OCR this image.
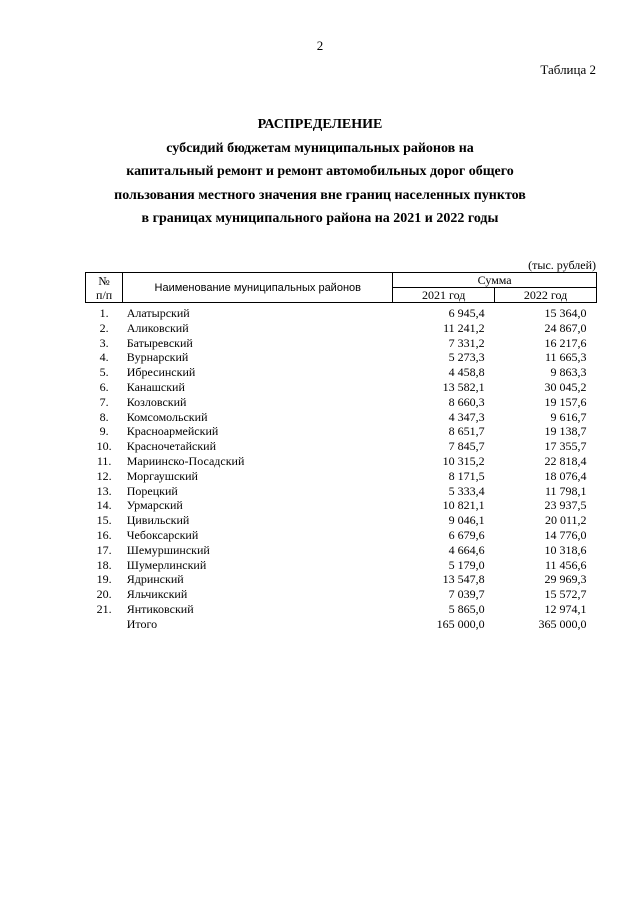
2
Таблица 2
РАСПРЕДЕЛЕНИЕ
субсидий бюджетам муниципальных районов на
капитальный ремонт и ремонт автомобильных дорог общего
пользования местного значения вне границ населенных пунктов
в границах муниципального района на 2021 и 2022 годы
(тыс. рублей)
№
п/п	Наименование муниципальных районов	Сумма	
		2021 год	2022 год
1.	Алатырский	6 945,4	15 364,0
2.	Аликовский	11 241,2	24 867,0
3.	Батыревский	7 331,2	16 217,6
4.	Вурнарский	5 273,3	11 665,3
5.	Ибресинский	4 458,8	9 863,3
6.	Канашский	13 582,1	30 045,2
7.	Козловский	8 660,3	19 157,6
8.	Комсомольский	4 347,3	9 616,7
9.	Красноармейский	8 651,7	19 138,7
10.	Красночетайский	7 845,7	17 355,7
11.	Мариинско-Посадский	10 315,2	22 818,4
12.	Моргаушский	8 171,5	18 076,4
13.	Порецкий	5 333,4	11 798,1
14.	Урмарский	10 821,1	23 937,5
15.	Цивильский	9 046,1	20 011,2
16.	Чебоксарский	6 679,6	14 776,0
17.	Шемуршинский	4 664,6	10 318,6
18.	Шумерлинский	5 179,0	11 456,6
19.	Ядринский	13 547,8	29 969,3
20.	Яльчикский	7 039,7	15 572,7
21.	Янтиковский	5 865,0	12 974,1
	Итого	165 000,0	365 000,0
